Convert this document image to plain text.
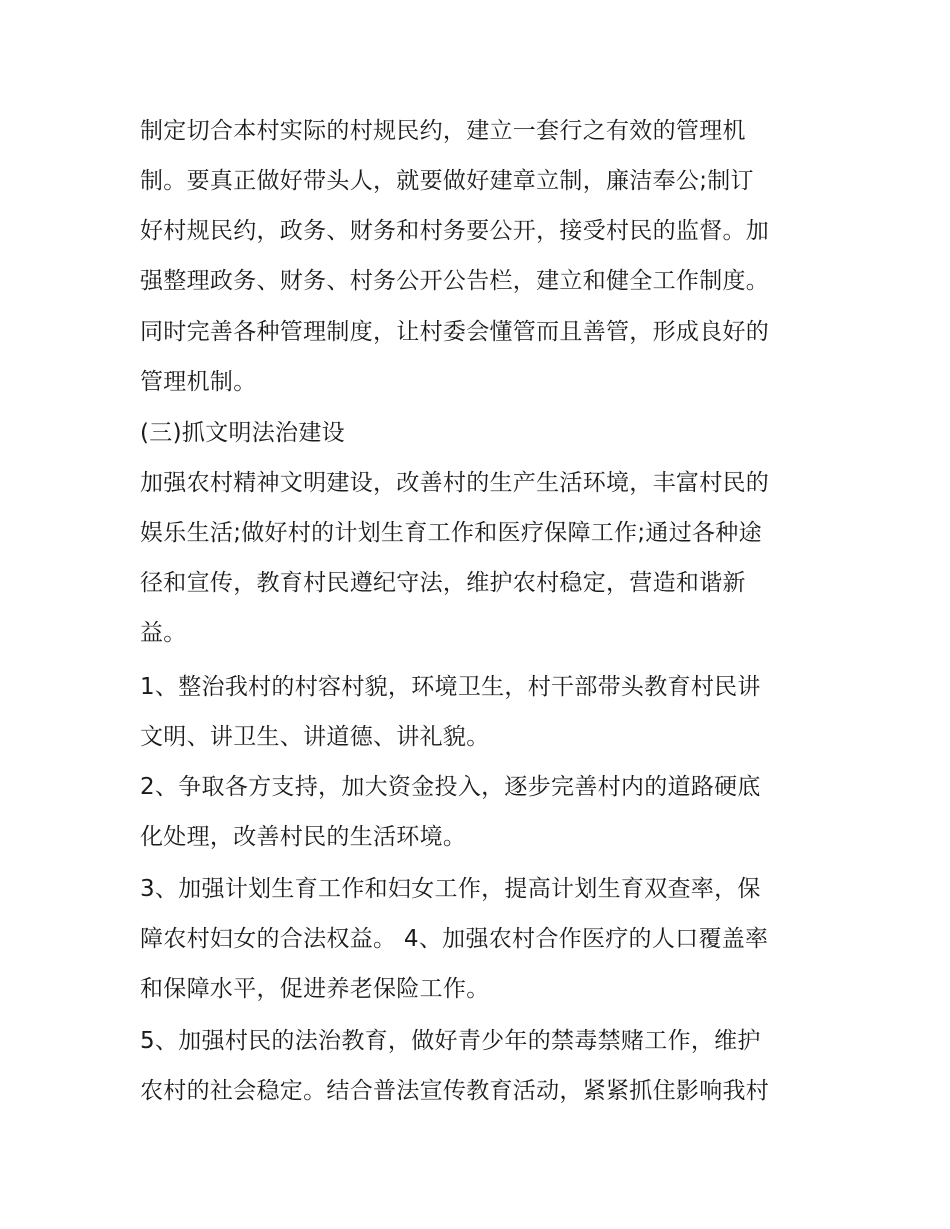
制定切合本村实际的村规民约，建立一套行之有效的管理机

制。要真正做好带头人，就要做好建章立制，廉洁奉公;制订

好村规民约，政务、财务和村务要公开，接受村民的监督。加

强整理政务、财务、村务公开公告栏，建立和健全工作制度。

同时完善各种管理制度，让村委会懂管而且善管，形成良好的

管理机制。

(三)抓文明法治建设

加强农村精神文明建设，改善村的生产生活环境，丰富村民的

娱乐生活;做好村的计划生育工作和医疗保障工作;通过各种途

径和宣传，教育村民遵纪守法，维护农村稳定，营造和谐新

益。

1、整治我村的村容村貌，环境卫生，村干部带头教育村民讲

文明、讲卫生、讲道德、讲礼貌。

2、争取各方支持，加大资金投入，逐步完善村内的道路硬底

化处理，改善村民的生活环境。

3、加强计划生育工作和妇女工作，提高计划生育双查率，保

障农村妇女的合法权益。 4、加强农村合作医疗的人口覆盖率

和保障水平，促进养老保险工作。

5、加强村民的法治教育，做好青少年的禁毒禁赌工作，维护

农村的社会稳定。结合普法宣传教育活动，紧紧抓住影响我村
